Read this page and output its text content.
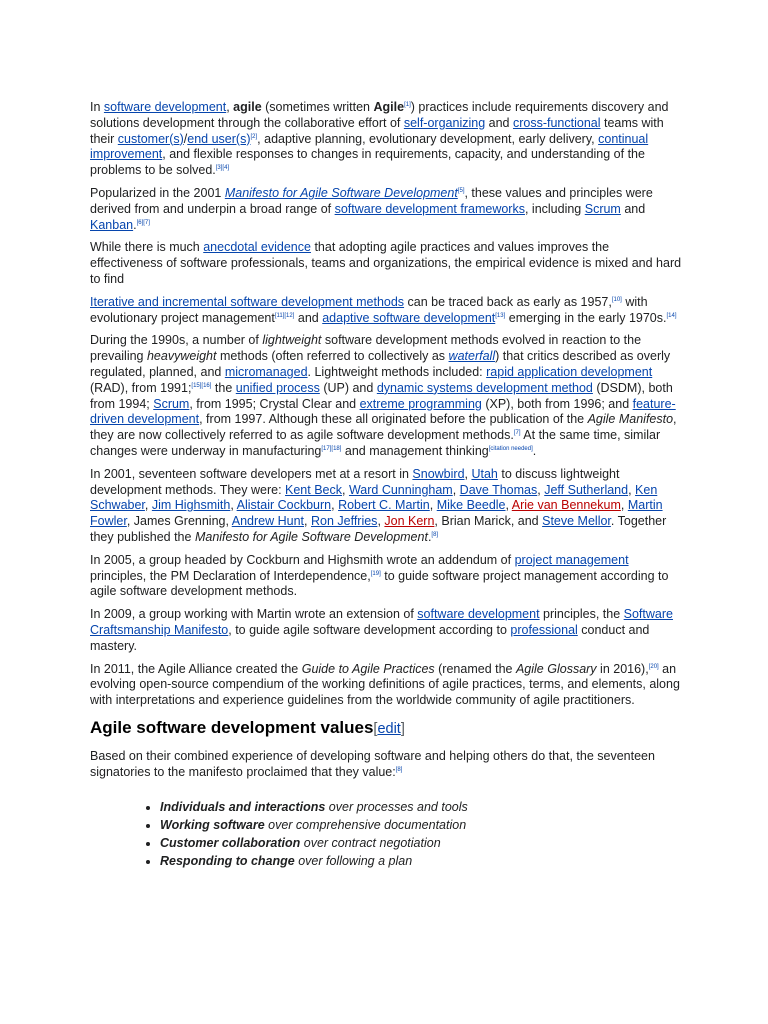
In software development, agile (sometimes written Agile[1]) practices include requirements discovery and solutions development through the collaborative effort of self-organizing and cross-functional teams with their customer(s)/end user(s)[2], adaptive planning, evolutionary development, early delivery, continual improvement, and flexible responses to changes in requirements, capacity, and understanding of the problems to be solved.[3][4]

Popularized in the 2001 Manifesto for Agile Software Development[5], these values and principles were derived from and underpin a broad range of software development frameworks, including Scrum and Kanban.[6][7]

While there is much anecdotal evidence that adopting agile practices and values improves the effectiveness of software professionals, teams and organizations, the empirical evidence is mixed and hard to find

Iterative and incremental software development methods can be traced back as early as 1957,[10] with evolutionary project management[11][12] and adaptive software development[13] emerging in the early 1970s.[14]

During the 1990s, a number of lightweight software development methods evolved in reaction to the prevailing heavyweight methods (often referred to collectively as waterfall) that critics described as overly regulated, planned, and micromanaged. Lightweight methods included: rapid application development (RAD), from 1991;[15][16] the unified process (UP) and dynamic systems development method (DSDM), both from 1994; Scrum, from 1995; Crystal Clear and extreme programming (XP), both from 1996; and feature-driven development, from 1997. Although these all originated before the publication of the Agile Manifesto, they are now collectively referred to as agile software development methods.[7] At the same time, similar changes were underway in manufacturing[17][18] and management thinking[citation needed].

In 2001, seventeen software developers met at a resort in Snowbird, Utah to discuss lightweight development methods. They were: Kent Beck, Ward Cunningham, Dave Thomas, Jeff Sutherland, Ken Schwaber, Jim Highsmith, Alistair Cockburn, Robert C. Martin, Mike Beedle, Arie van Bennekum, Martin Fowler, James Grenning, Andrew Hunt, Ron Jeffries, Jon Kern, Brian Marick, and Steve Mellor. Together they published the Manifesto for Agile Software Development.[8]

In 2005, a group headed by Cockburn and Highsmith wrote an addendum of project management principles, the PM Declaration of Interdependence,[19] to guide software project management according to agile software development methods.

In 2009, a group working with Martin wrote an extension of software development principles, the Software Craftsmanship Manifesto, to guide agile software development according to professional conduct and mastery.

In 2011, the Agile Alliance created the Guide to Agile Practices (renamed the Agile Glossary in 2016),[20] an evolving open-source compendium of the working definitions of agile practices, terms, and elements, along with interpretations and experience guidelines from the worldwide community of agile practitioners.

Agile software development values[edit]

Based on their combined experience of developing software and helping others do that, the seventeen signatories to the manifesto proclaimed that they value:[8]

• Individuals and interactions over processes and tools
• Working software over comprehensive documentation
• Customer collaboration over contract negotiation
• Responding to change over following a plan
